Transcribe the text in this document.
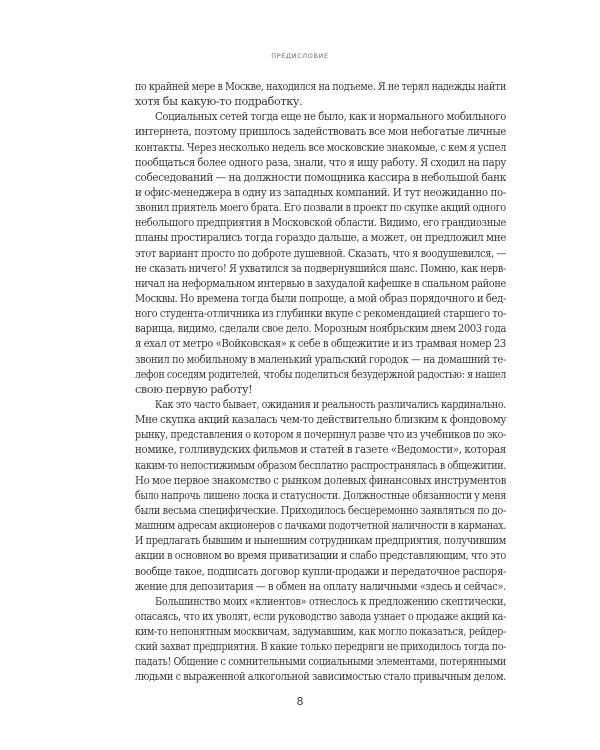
ПРЕДИСЛОВИЕ
по крайней мере в Москве, находился на подъеме. Я не терял надежды найти
хотя бы какую-то подработку.
Социальных сетей тогда еще не было, как и нормального мобильного
интернета, поэтому пришлось задействовать все мои небогатые личные
контакты. Через несколько недель все московские знакомые, с кем я успел
пообщаться более одного раза, знали, что я ищу работу. Я сходил на пару
собеседований — на должности помощника кассира в небольшой банк
и офис-менеджера в одну из западных компаний. И тут неожиданно по-
звонил приятель моего брата. Его позвали в проект по скупке акций одного
небольшого предприятия в Московской области. Видимо, его грандиозные
планы простирались тогда гораздо дальше, а может, он предложил мне
этот вариант просто по доброте душевной. Сказать, что я воодушевился, —
не сказать ничего! Я ухватился за подвернувшийся шанс. Помню, как нерв-
ничал на неформальном интервью в захудалой кафешке в спальном районе
Москвы. Но времена тогда были попроще, а мой образ порядочного и бед-
ного студента-отличника из глубинки вкупе с рекомендацией старшего то-
варища, видимо, сделали свое дело. Морозным ноябрьским днем 2003 года
я ехал от метро «Войковская» к себе в общежитие и из трамвая номер 23
звонил по мобильному в маленький уральский городок — на домашний те-
лефон соседям родителей, чтобы поделиться безудержной радостью: я нашел
свою первую работу!
Как это часто бывает, ожидания и реальность различались кардинально.
Мне скупка акций казалась чем-то действительно близким к фондовому
рынку, представления о котором я почерпнул разве что из учебников по эко-
номике, голливудских фильмов и статей в газете «Ведомости», которая
каким-то непостижимым образом бесплатно распространялась в общежитии.
Но мое первое знакомство с рынком долевых финансовых инструментов
было напрочь лишено лоска и статусности. Должностные обязанности у меня
были весьма специфические. Приходилось бесцеремонно заявляться по до-
машним адресам акционеров с пачками подотчетной наличности в карманах.
И предлагать бывшим и нынешним сотрудникам предприятия, получившим
акции в основном во время приватизации и слабо представляющим, что это
вообще такое, подписать договор купли-продажи и передаточное распоря-
жение для депозитария — в обмен на оплату наличными «здесь и сейчас».
Большинство моих «клиентов» отнеслось к предложению скептически,
опасаясь, что их уволят, если руководство завода узнает о продаже акций ка-
ким-то непонятным москвичам, задумавшим, как могло показаться, рейдер-
ский захват предприятия. В какие только передряги не приходилось тогда по-
падать! Общение с сомнительными социальными элементами, потерянными
людьми с выраженной алкогольной зависимостью стало привычным делом.
8
